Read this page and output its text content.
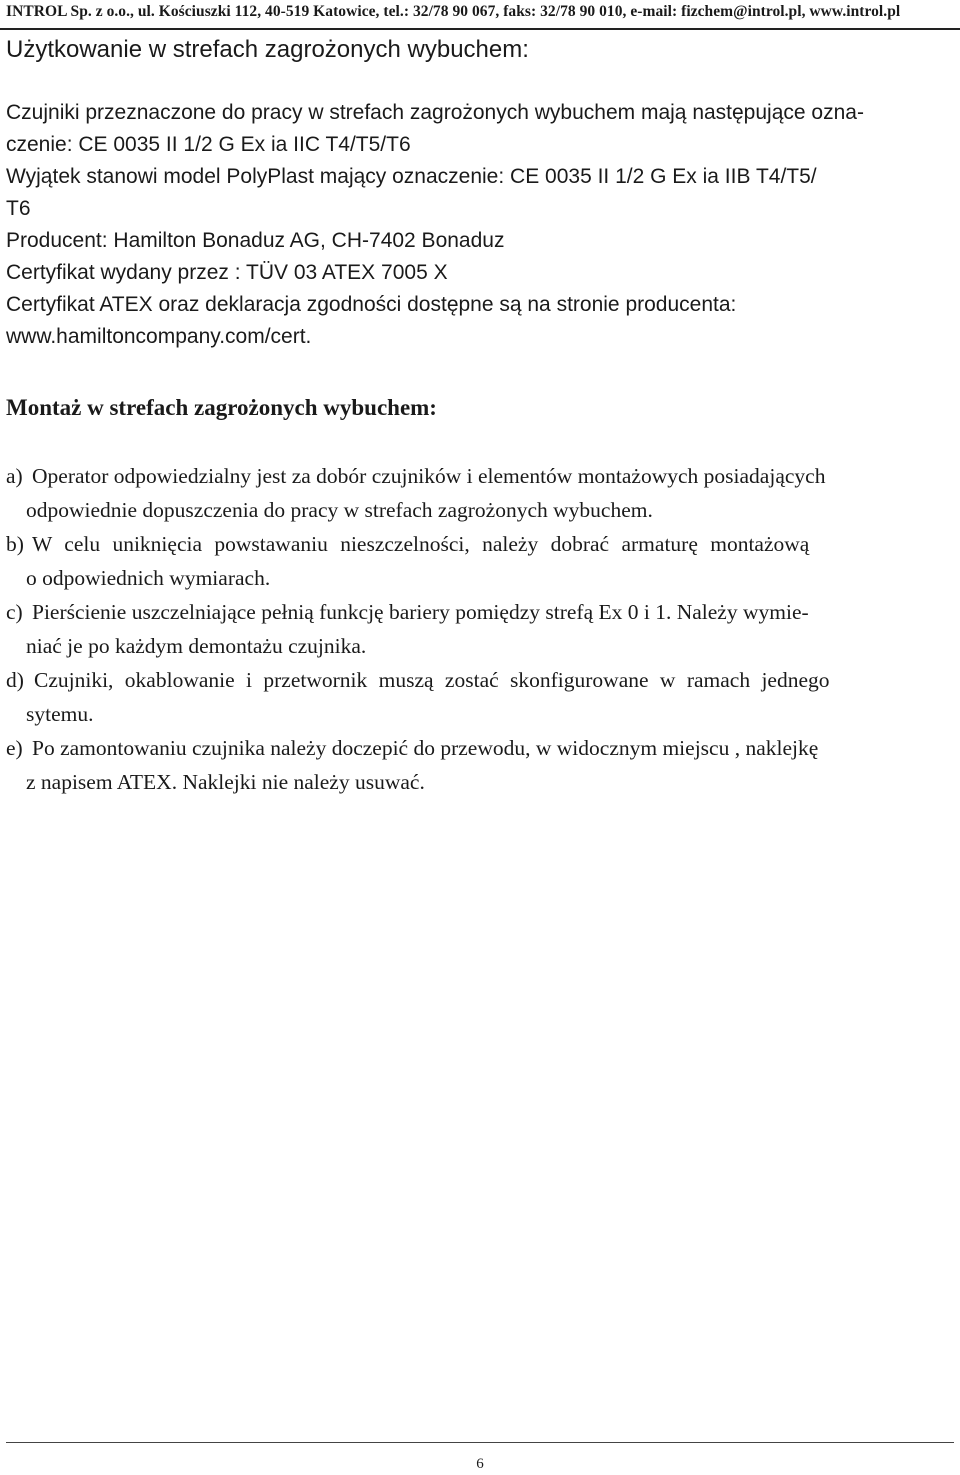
INTROL Sp. z o.o., ul. Kościuszki 112, 40-519 Katowice, tel.: 32/78 90 067, faks: 32/78 90 010, e-mail: fizchem@introl.pl, www.introl.pl
Użytkowanie w strefach zagrożonych wybuchem:
Czujniki przeznaczone do pracy w strefach zagrożonych wybuchem mają następujące ozna-
czenie: CE 0035 II 1/2 G Ex ia IIC T4/T5/T6
Wyjątek stanowi model PolyPlast mający oznaczenie: CE 0035 II 1/2 G Ex ia IIB T4/T5/
T6
Producent: Hamilton Bonaduz AG, CH-7402 Bonaduz
Certyfikat wydany przez : TÜV 03 ATEX 7005 X
Certyfikat ATEX oraz deklaracja zgodności dostępne są na stronie producenta:
www.hamiltoncompany.com/cert.
Montaż w strefach zagrożonych wybuchem:
a) Operator odpowiedzialny jest za dobór czujników i elementów montażowych posiadających
odpowiednie dopuszczenia do pracy w strefach zagrożonych wybuchem.
b) W celu uniknięcia powstawaniu nieszczelności, należy dobrać armaturę montażową
o odpowiednich wymiarach.
c) Pierścienie uszczelniające pełnią funkcję bariery pomiędzy strefą Ex 0 i 1. Należy wymie-
niać je po każdym demontażu czujnika.
d) Czujniki, okablowanie i przetwornik muszą zostać skonfigurowane w ramach jednego
sytemu.
e) Po zamontowaniu czujnika należy doczepić do przewodu, w widocznym miejscu , naklejkę
z napisem ATEX. Naklejki nie należy usuwać.
6
